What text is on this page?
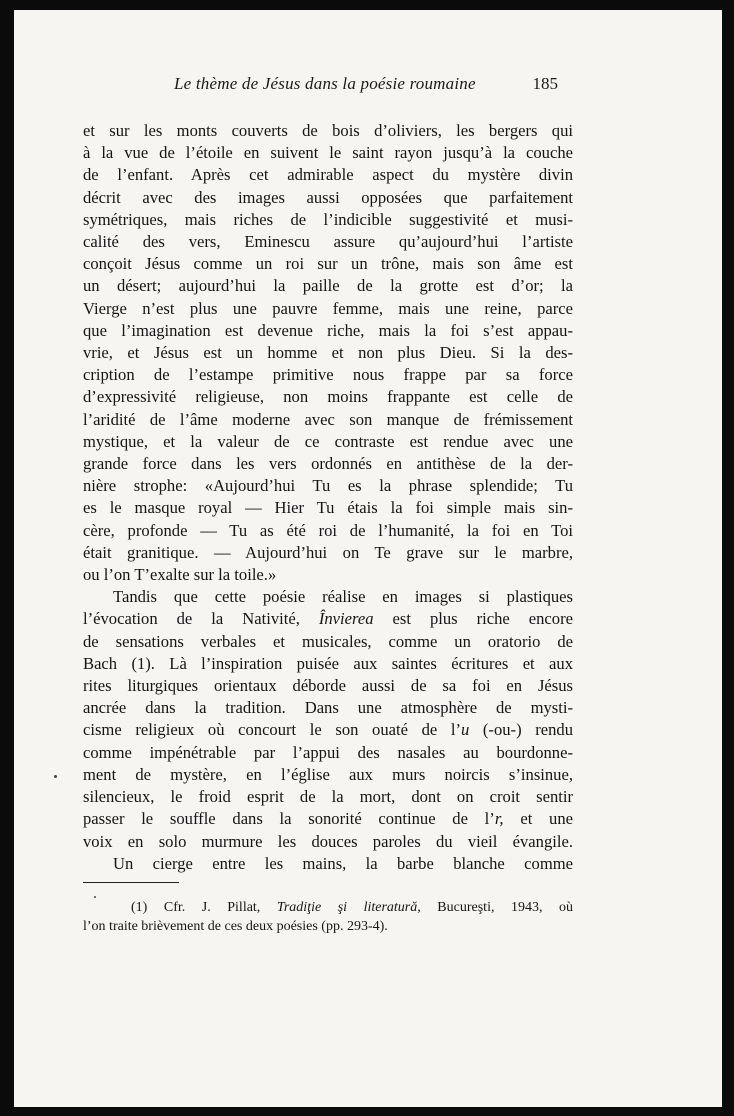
Le thème de Jésus dans la poésie roumaine	185
et sur les monts couverts de bois d’oliviers, les bergers qui
à la vue de l’étoile en suivent le saint rayon jusqu’à la couche
de l’enfant. Après cet admirable aspect du mystère divin
décrit avec des images aussi opposées que parfaitement
symétriques, mais riches de l’indicible suggestivité et musi-
calité des vers, Eminescu assure qu’aujourd’hui l’artiste
conçoit Jésus comme un roi sur un trône, mais son âme est
un désert; aujourd’hui la paille de la grotte est d’or; la
Vierge n’est plus une pauvre femme, mais une reine, parce
que l’imagination est devenue riche, mais la foi s’est appau-
vrie, et Jésus est un homme et non plus Dieu. Si la des-
cription de l’estampe primitive nous frappe par sa force
d’expressivité religieuse, non moins frappante est celle de
l’aridité de l’âme moderne avec son manque de frémissement
mystique, et la valeur de ce contraste est rendue avec une
grande force dans les vers ordonnés en antithèse de la der-
nière strophe: «Aujourd’hui Tu es la phrase splendide; Tu
es le masque royal — Hier Tu étais la foi simple mais sin-
cère, profonde — Tu as été roi de l’humanité, la foi en Toi
était granitique. — Aujourd’hui on Te grave sur le marbre,
ou l’on T’exalte sur la toile.»
Tandis que cette poésie réalise en images si plastiques
l’évocation de la Nativité, Învierea est plus riche encore
de sensations verbales et musicales, comme un oratorio de
Bach (1). Là l’inspiration puisée aux saintes écritures et aux
rites liturgiques orientaux déborde aussi de sa foi en Jésus
ancrée dans la tradition. Dans une atmosphère de mysti-
cisme religieux où concourt le son ouaté de l’u (-ou-) rendu
comme impénétrable par l’appui des nasales au bourdonne-
ment de mystère, en l’église aux murs noircis s’insinue,
silencieux, le froid esprit de la mort, dont on croit sentir
passer le souffle dans la sonorité continue de l’r, et une
voix en solo murmure les douces paroles du vieil évangile.
Un cierge entre les mains, la barbe blanche comme
(1) Cfr. J. Pillat, Tradiţie şi literatură, Bucureşti, 1943, où
l’on traite brièvement de ces deux poésies (pp. 293-4).
